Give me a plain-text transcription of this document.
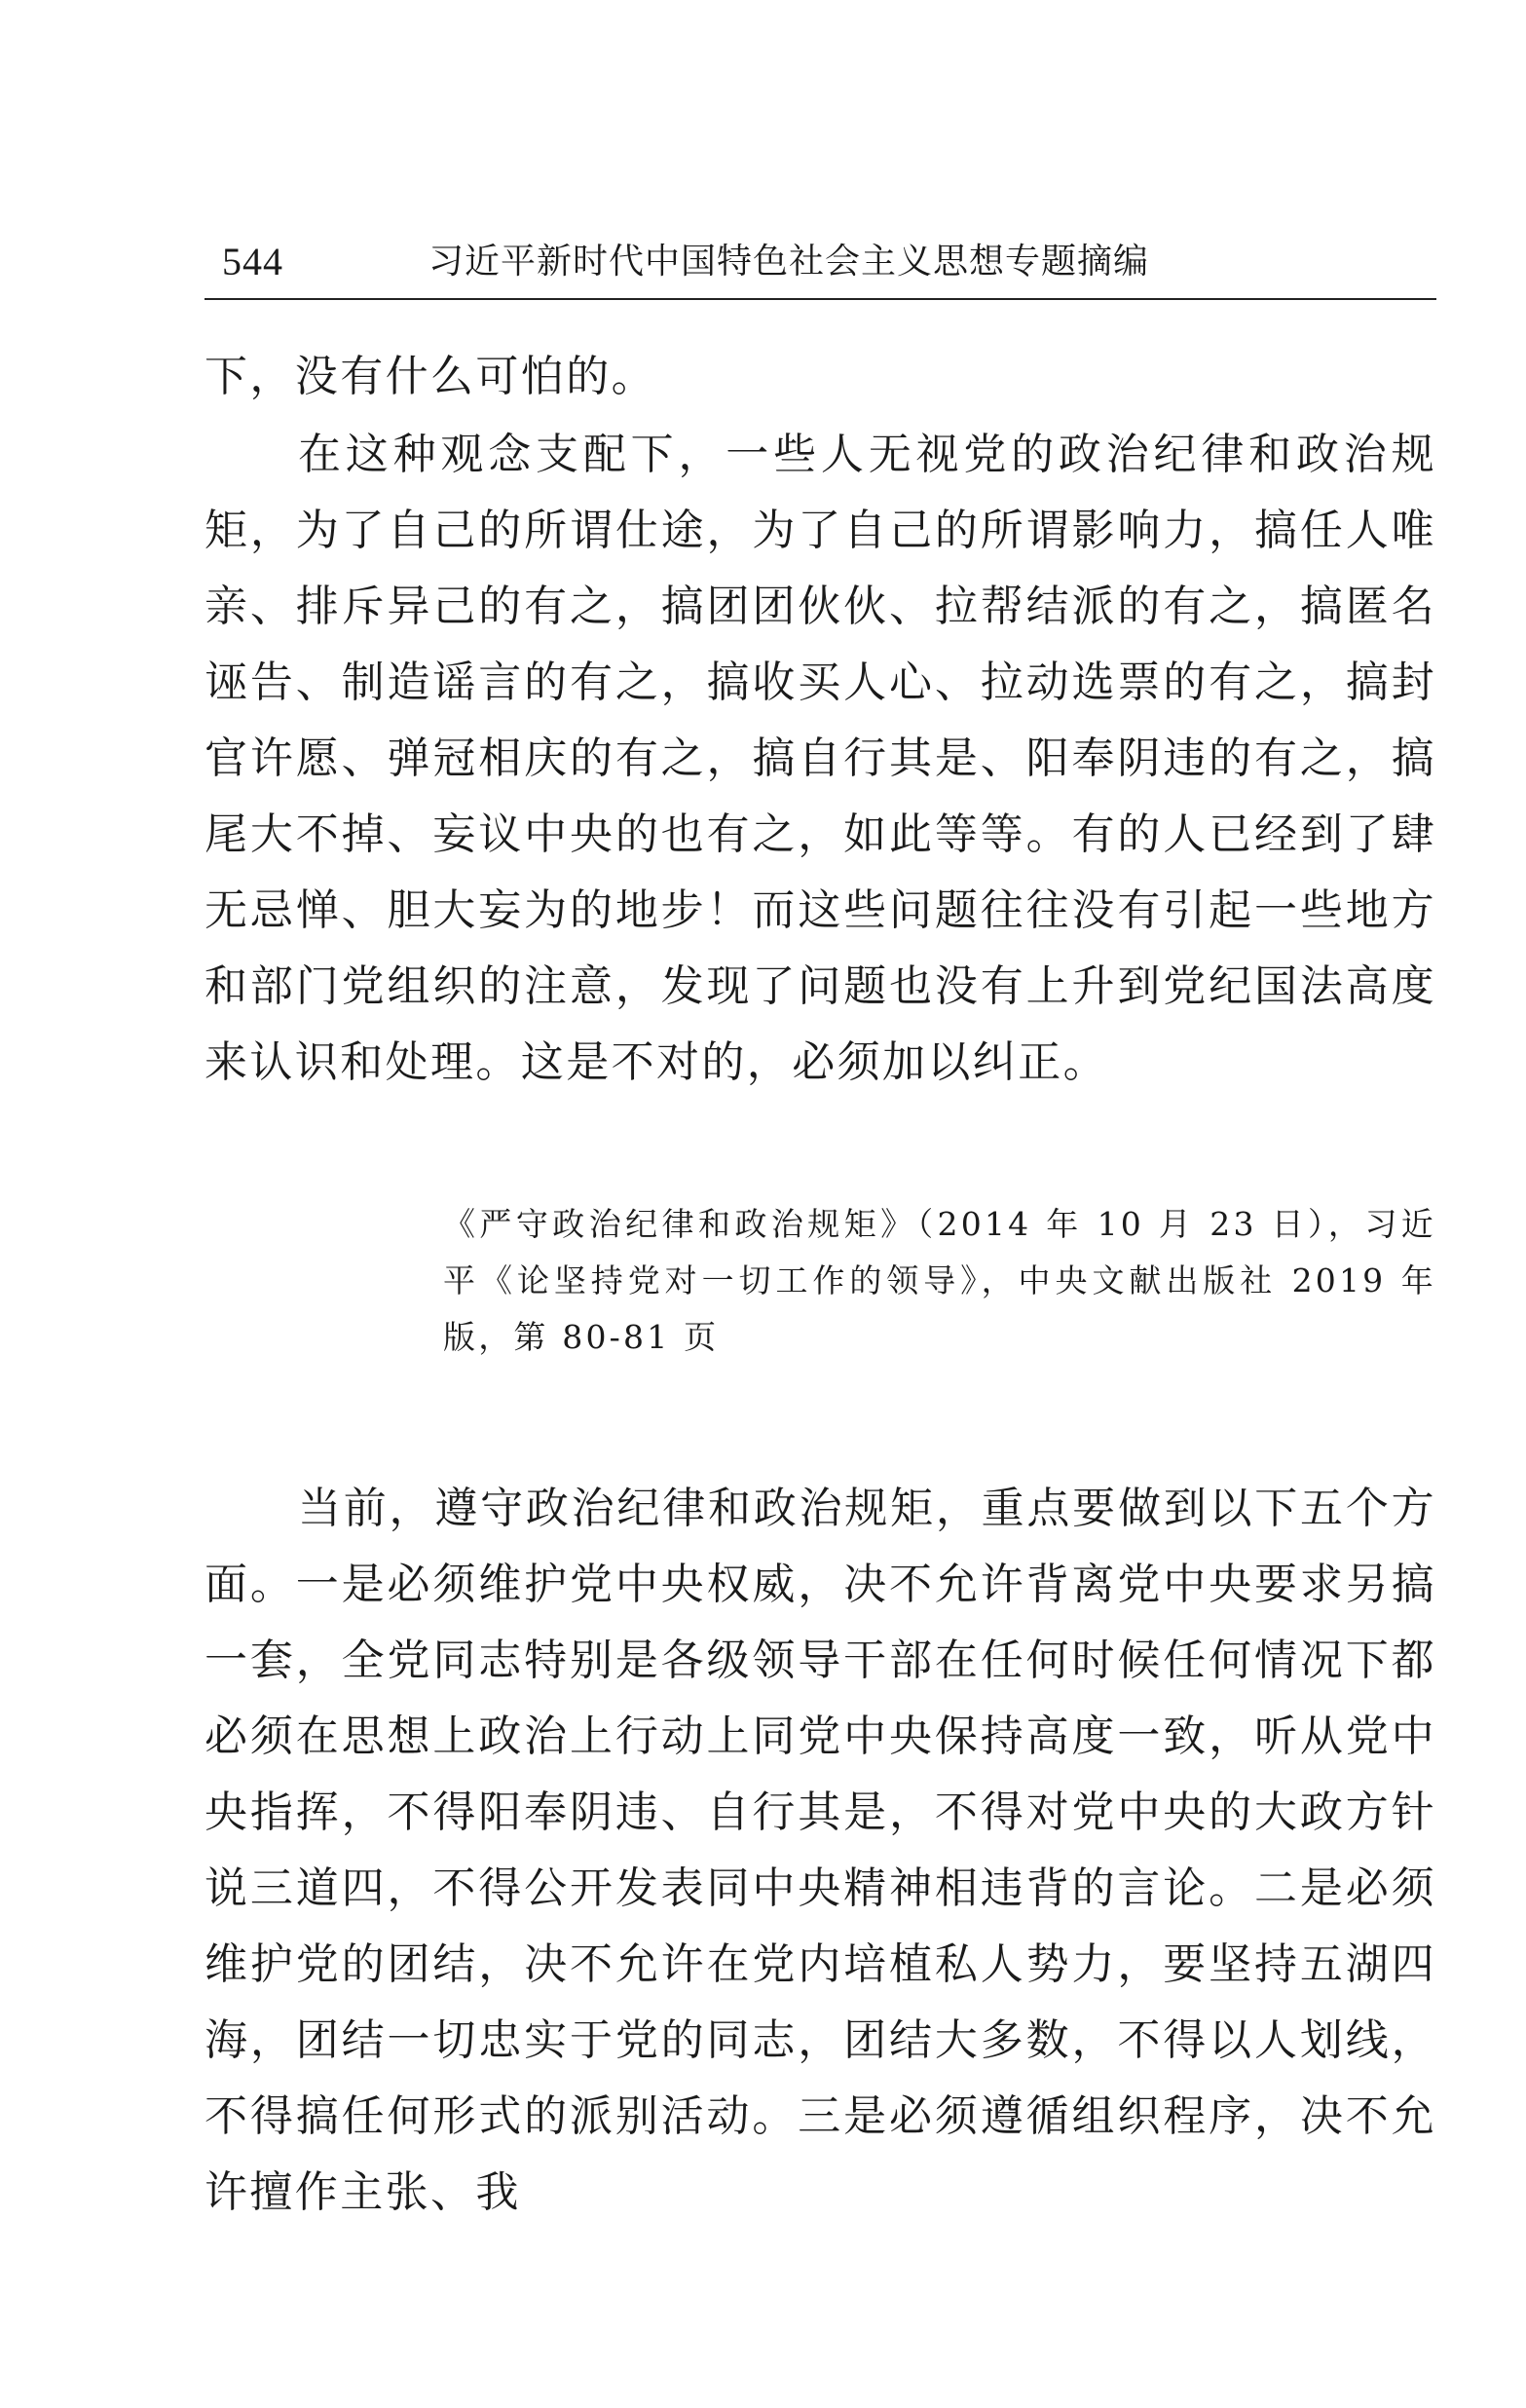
544	习近平新时代中国特色社会主义思想专题摘编

下，没有什么可怕的。

在这种观念支配下，一些人无视党的政治纪律和政治规矩，为了自己的所谓仕途，为了自己的所谓影响力，搞任人唯亲、排斥异己的有之，搞团团伙伙、拉帮结派的有之，搞匿名诬告、制造谣言的有之，搞收买人心、拉动选票的有之，搞封官许愿、弹冠相庆的有之，搞自行其是、阳奉阴违的有之，搞尾大不掉、妄议中央的也有之，如此等等。有的人已经到了肆无忌惮、胆大妄为的地步！而这些问题往往没有引起一些地方和部门党组织的注意，发现了问题也没有上升到党纪国法高度来认识和处理。这是不对的，必须加以纠正。

《严守政治纪律和政治规矩》（2014 年 10 月 23 日），习近平《论坚持党对一切工作的领导》，中央文献出版社 2019 年版，第 80-81 页

当前，遵守政治纪律和政治规矩，重点要做到以下五个方面。一是必须维护党中央权威，决不允许背离党中央要求另搞一套，全党同志特别是各级领导干部在任何时候任何情况下都必须在思想上政治上行动上同党中央保持高度一致，听从党中央指挥，不得阳奉阴违、自行其是，不得对党中央的大政方针说三道四，不得公开发表同中央精神相违背的言论。二是必须维护党的团结，决不允许在党内培植私人势力，要坚持五湖四海，团结一切忠实于党的同志，团结大多数，不得以人划线，不得搞任何形式的派别活动。三是必须遵循组织程序，决不允许擅作主张、我
